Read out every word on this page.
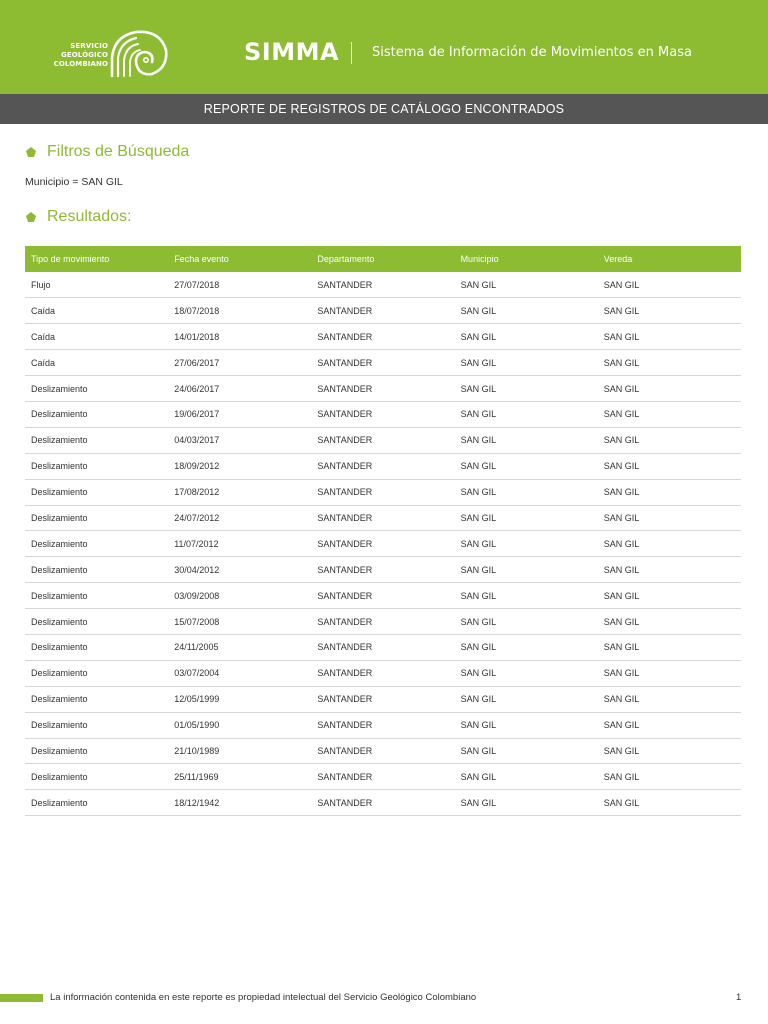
SERVICIO
GEOLÓGICO
COLOMBIANO	SIMMA	Sistema de Información de Movimientos en Masa
REPORTE DE REGISTROS DE CATÁLOGO ENCONTRADOS
Filtros de Búsqueda
Municipio = SAN GIL
Resultados:
Tipo de movimiento	Fecha evento	Departamento	Municipio	Vereda
Flujo	27/07/2018	SANTANDER	SAN GIL	SAN GIL
Caída	18/07/2018	SANTANDER	SAN GIL	SAN GIL
Caída	14/01/2018	SANTANDER	SAN GIL	SAN GIL
Caída	27/06/2017	SANTANDER	SAN GIL	SAN GIL
Deslizamiento	24/06/2017	SANTANDER	SAN GIL	SAN GIL
Deslizamiento	19/06/2017	SANTANDER	SAN GIL	SAN GIL
Deslizamiento	04/03/2017	SANTANDER	SAN GIL	SAN GIL
Deslizamiento	18/09/2012	SANTANDER	SAN GIL	SAN GIL
Deslizamiento	17/08/2012	SANTANDER	SAN GIL	SAN GIL
Deslizamiento	24/07/2012	SANTANDER	SAN GIL	SAN GIL
Deslizamiento	11/07/2012	SANTANDER	SAN GIL	SAN GIL
Deslizamiento	30/04/2012	SANTANDER	SAN GIL	SAN GIL
Deslizamiento	03/09/2008	SANTANDER	SAN GIL	SAN GIL
Deslizamiento	15/07/2008	SANTANDER	SAN GIL	SAN GIL
Deslizamiento	24/11/2005	SANTANDER	SAN GIL	SAN GIL
Deslizamiento	03/07/2004	SANTANDER	SAN GIL	SAN GIL
Deslizamiento	12/05/1999	SANTANDER	SAN GIL	SAN GIL
Deslizamiento	01/05/1990	SANTANDER	SAN GIL	SAN GIL
Deslizamiento	21/10/1989	SANTANDER	SAN GIL	SAN GIL
Deslizamiento	25/11/1969	SANTANDER	SAN GIL	SAN GIL
Deslizamiento	18/12/1942	SANTANDER	SAN GIL	SAN GIL
La información contenida en este reporte es propiedad intelectual del Servicio Geológico Colombiano	1
